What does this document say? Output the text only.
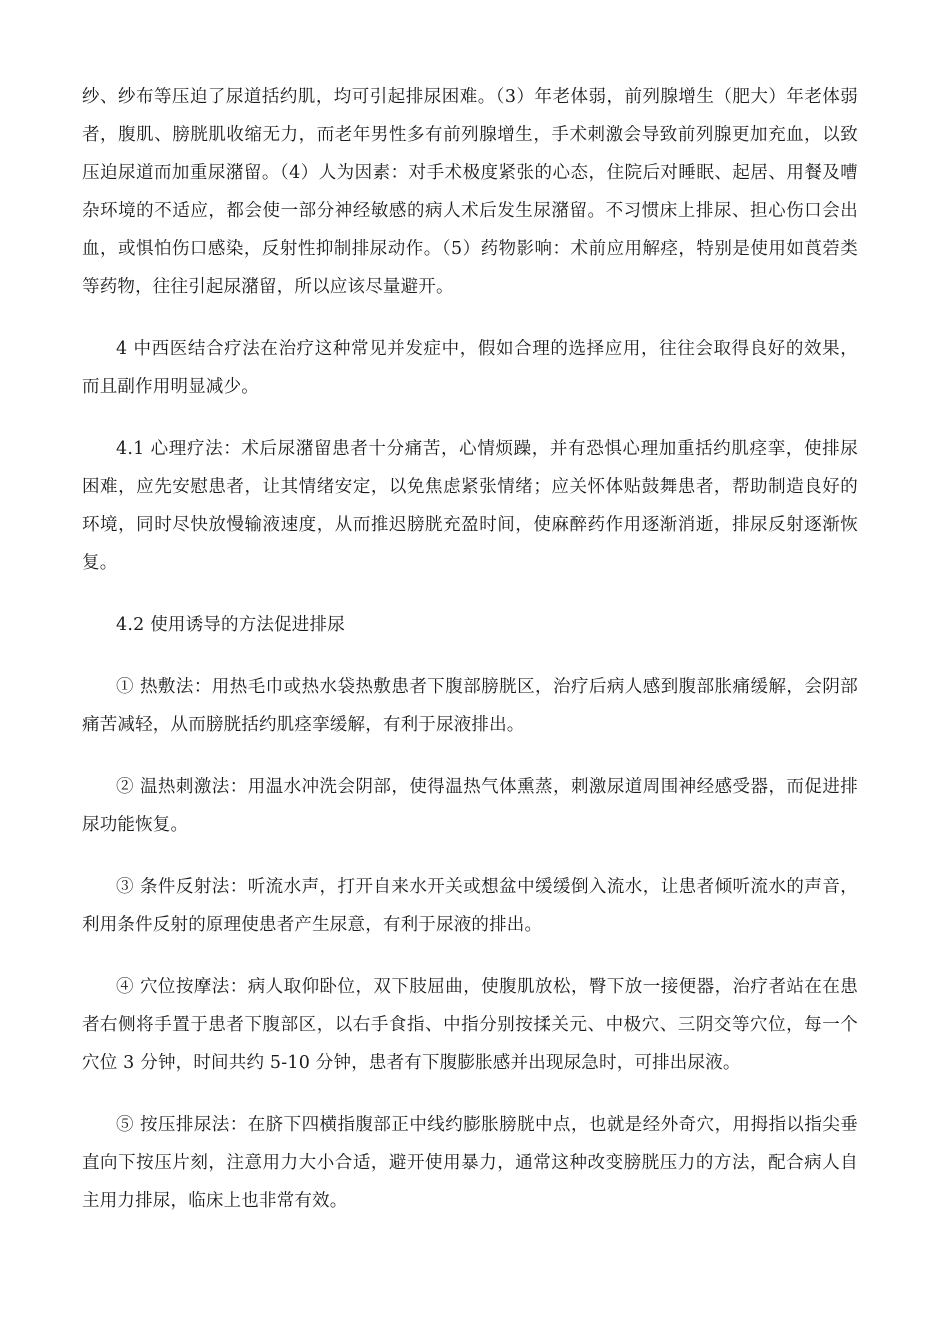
纱、纱布等压迫了尿道括约肌，均可引起排尿困难。（3）年老体弱，前列腺增生（肥大）年老体弱者，腹肌、膀胱肌收缩无力，而老年男性多有前列腺增生，手术刺激会导致前列腺更加充血，以致压迫尿道而加重尿潴留。（4）人为因素：对手术极度紧张的心态，住院后对睡眠、起居、用餐及嘈杂环境的不适应，都会使一部分神经敏感的病人术后发生尿潴留。不习惯床上排尿、担心伤口会出血，或惧怕伤口感染，反射性抑制排尿动作。（5）药物影响：术前应用解痉，特别是使用如莨菪类等药物，往往引起尿潴留，所以应该尽量避开。

4 中西医结合疗法在治疗这种常见并发症中，假如合理的选择应用，往往会取得良好的效果，而且副作用明显减少。

4.1 心理疗法：术后尿潴留患者十分痛苦，心情烦躁，并有恐惧心理加重括约肌痉挛，使排尿困难，应先安慰患者，让其情绪安定，以免焦虑紧张情绪；应关怀体贴鼓舞患者，帮助制造良好的环境，同时尽快放慢输液速度，从而推迟膀胱充盈时间，使麻醉药作用逐渐消逝，排尿反射逐渐恢复。

4.2 使用诱导的方法促进排尿

① 热敷法：用热毛巾或热水袋热敷患者下腹部膀胱区，治疗后病人感到腹部胀痛缓解，会阴部痛苦减轻，从而膀胱括约肌痉挛缓解，有利于尿液排出。

② 温热刺激法：用温水冲洗会阴部，使得温热气体熏蒸，刺激尿道周围神经感受器，而促进排尿功能恢复。

③ 条件反射法：听流水声，打开自来水开关或想盆中缓缓倒入流水，让患者倾听流水的声音，利用条件反射的原理使患者产生尿意，有利于尿液的排出。

④ 穴位按摩法：病人取仰卧位，双下肢屈曲，使腹肌放松，臀下放一接便器，治疗者站在在患者右侧将手置于患者下腹部区，以右手食指、中指分别按揉关元、中极穴、三阴交等穴位，每一个穴位 3 分钟，时间共约 5-10 分钟，患者有下腹膨胀感并出现尿急时，可排出尿液。

⑤ 按压排尿法：在脐下四横指腹部正中线约膨胀膀胱中点，也就是经外奇穴，用拇指以指尖垂直向下按压片刻，注意用力大小合适，避开使用暴力，通常这种改变膀胱压力的方法，配合病人自主用力排尿，临床上也非常有效。
